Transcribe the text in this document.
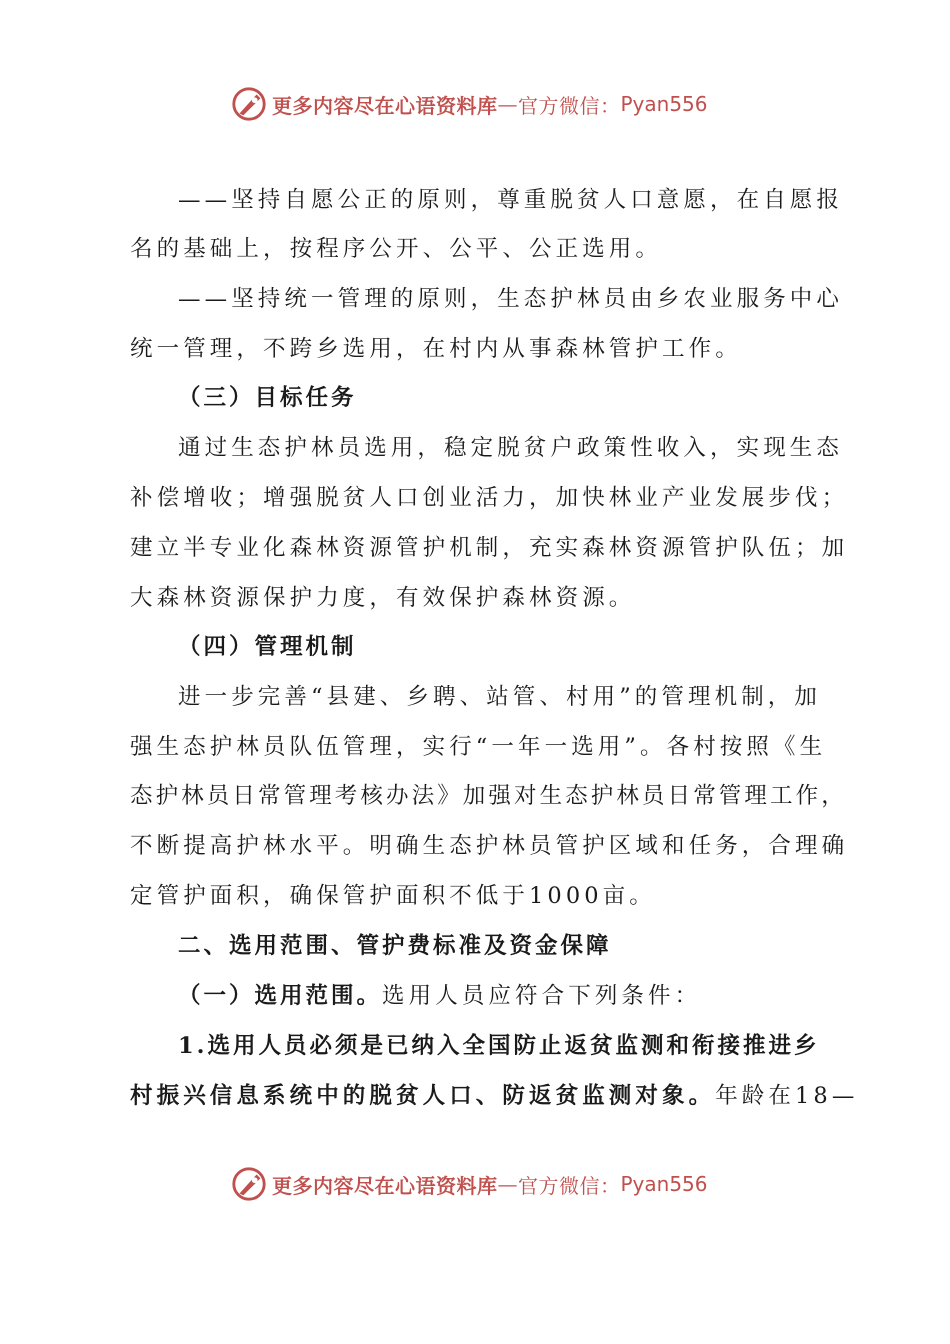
更多内容尽在心语资料库 — 官方微信： Pyan556
——坚持自愿公正的原则，尊重脱贫人口意愿，在自愿报
名的基础上，按程序公开、公平、公正选用。
——坚持统一管理的原则，生态护林员由乡农业服务中心
统一管理，不跨乡选用，在村内从事森林管护工作。
（三）目标任务
通过生态护林员选用，稳定脱贫户政策性收入，实现生态
补偿增收；增强脱贫人口创业活力，加快林业产业发展步伐；
建立半专业化森林资源管护机制，充实森林资源管护队伍；加
大森林资源保护力度，有效保护森林资源。
（四）管理机制
进一步完善“县建、乡聘、站管、村用”的管理机制，加
强生态护林员队伍管理，实行“一年一选用”。各村按照《生
态护林员日常管理考核办法》加强对生态护林员日常管理工作，
不断提高护林水平。明确生态护林员管护区域和任务，合理确
定管护面积，确保管护面积不低于1000亩。
二、选用范围、管护费标准及资金保障
（一）选用范围。选用人员应符合下列条件：
1.选用人员必须是已纳入全国防止返贫监测和衔接推进乡
村振兴信息系统中的脱贫人口、防返贫监测对象。年龄在18—
更多内容尽在心语资料库 — 官方微信： Pyan556
